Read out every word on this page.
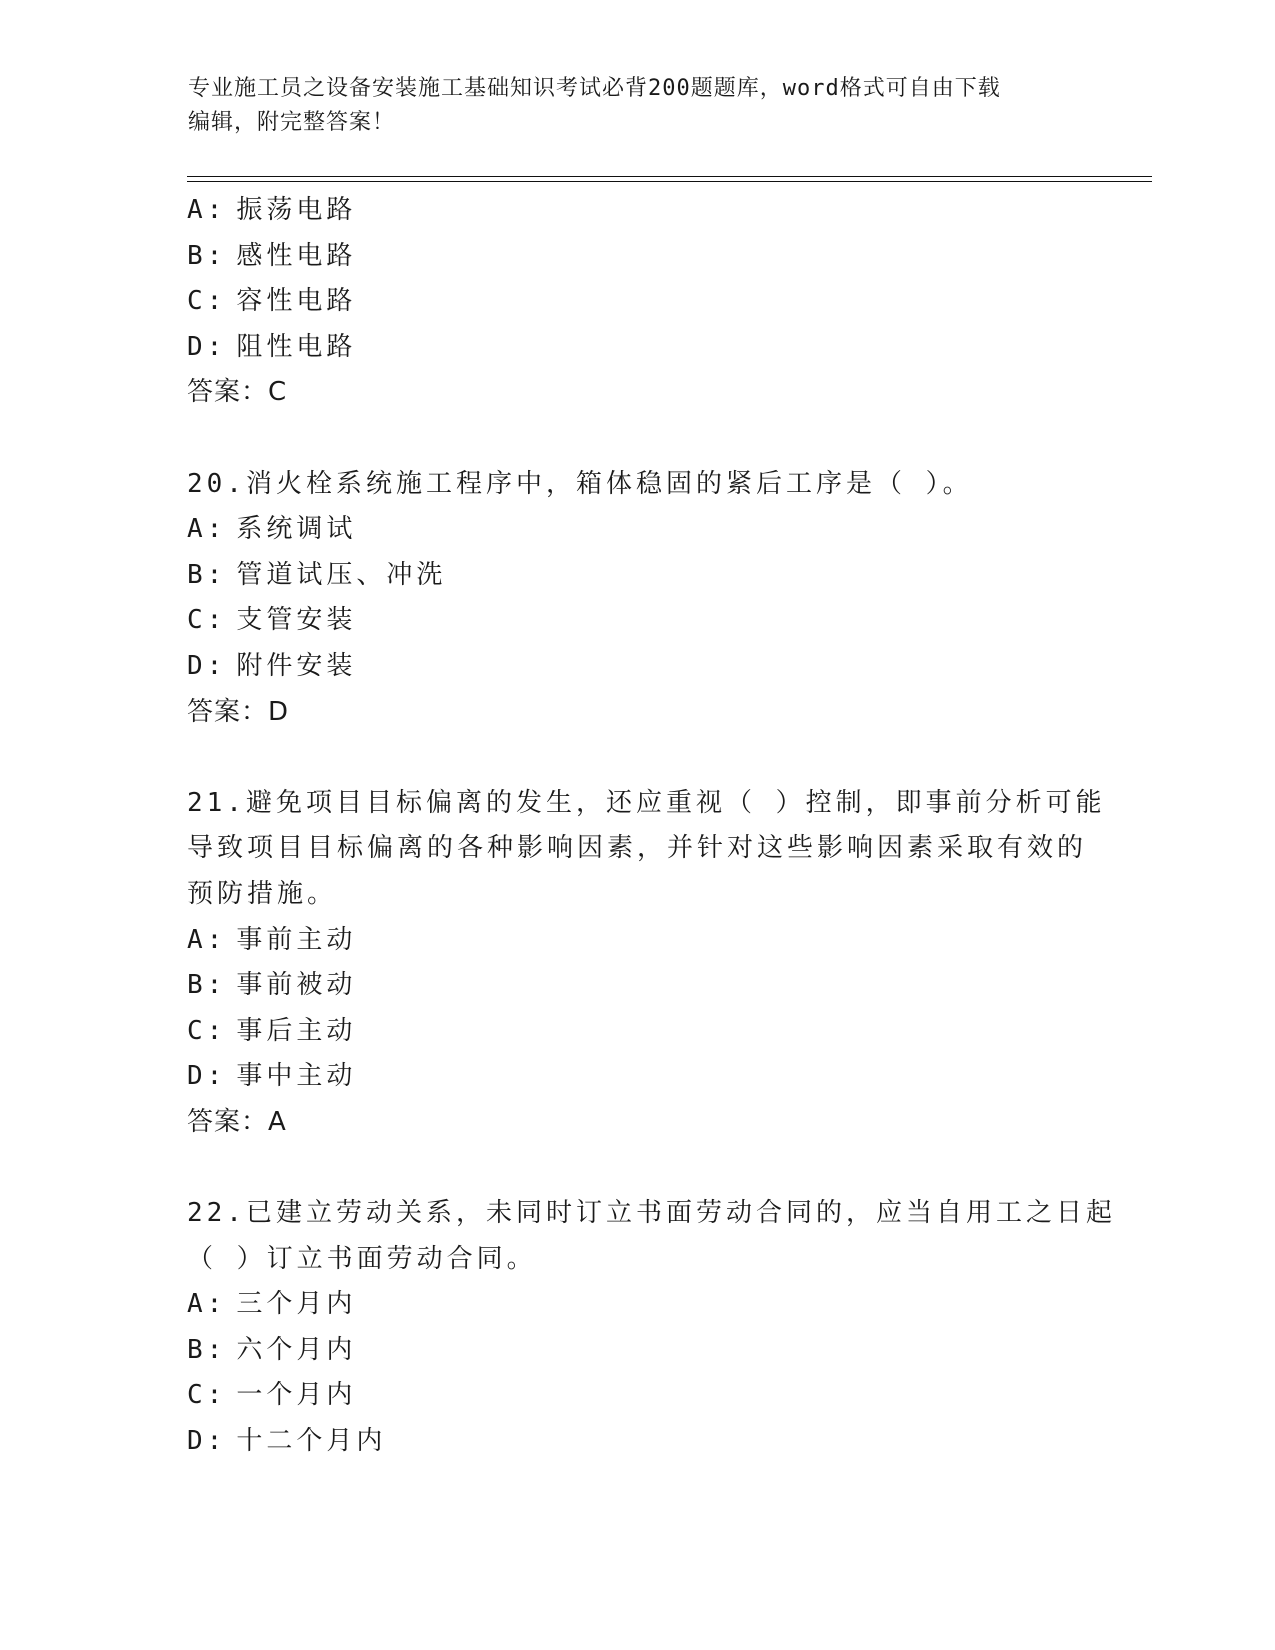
专业施工员之设备安装施工基础知识考试必背200题题库，word格式可自由下载
编辑，附完整答案！
A: 振荡电路
B: 感性电路
C: 容性电路
D: 阻性电路
答案：C
20.消火栓系统施工程序中，箱体稳固的紧后工序是（ ）。
A: 系统调试
B: 管道试压、冲洗
C: 支管安装
D: 附件安装
答案：D
21.避免项目目标偏离的发生，还应重视（ ）控制，即事前分析可能
导致项目目标偏离的各种影响因素，并针对这些影响因素采取有效的
预防措施。
A: 事前主动
B: 事前被动
C: 事后主动
D: 事中主动
答案：A
22.已建立劳动关系，未同时订立书面劳动合同的，应当自用工之日起
（ ）订立书面劳动合同。
A: 三个月内
B: 六个月内
C: 一个月内
D: 十二个月内
